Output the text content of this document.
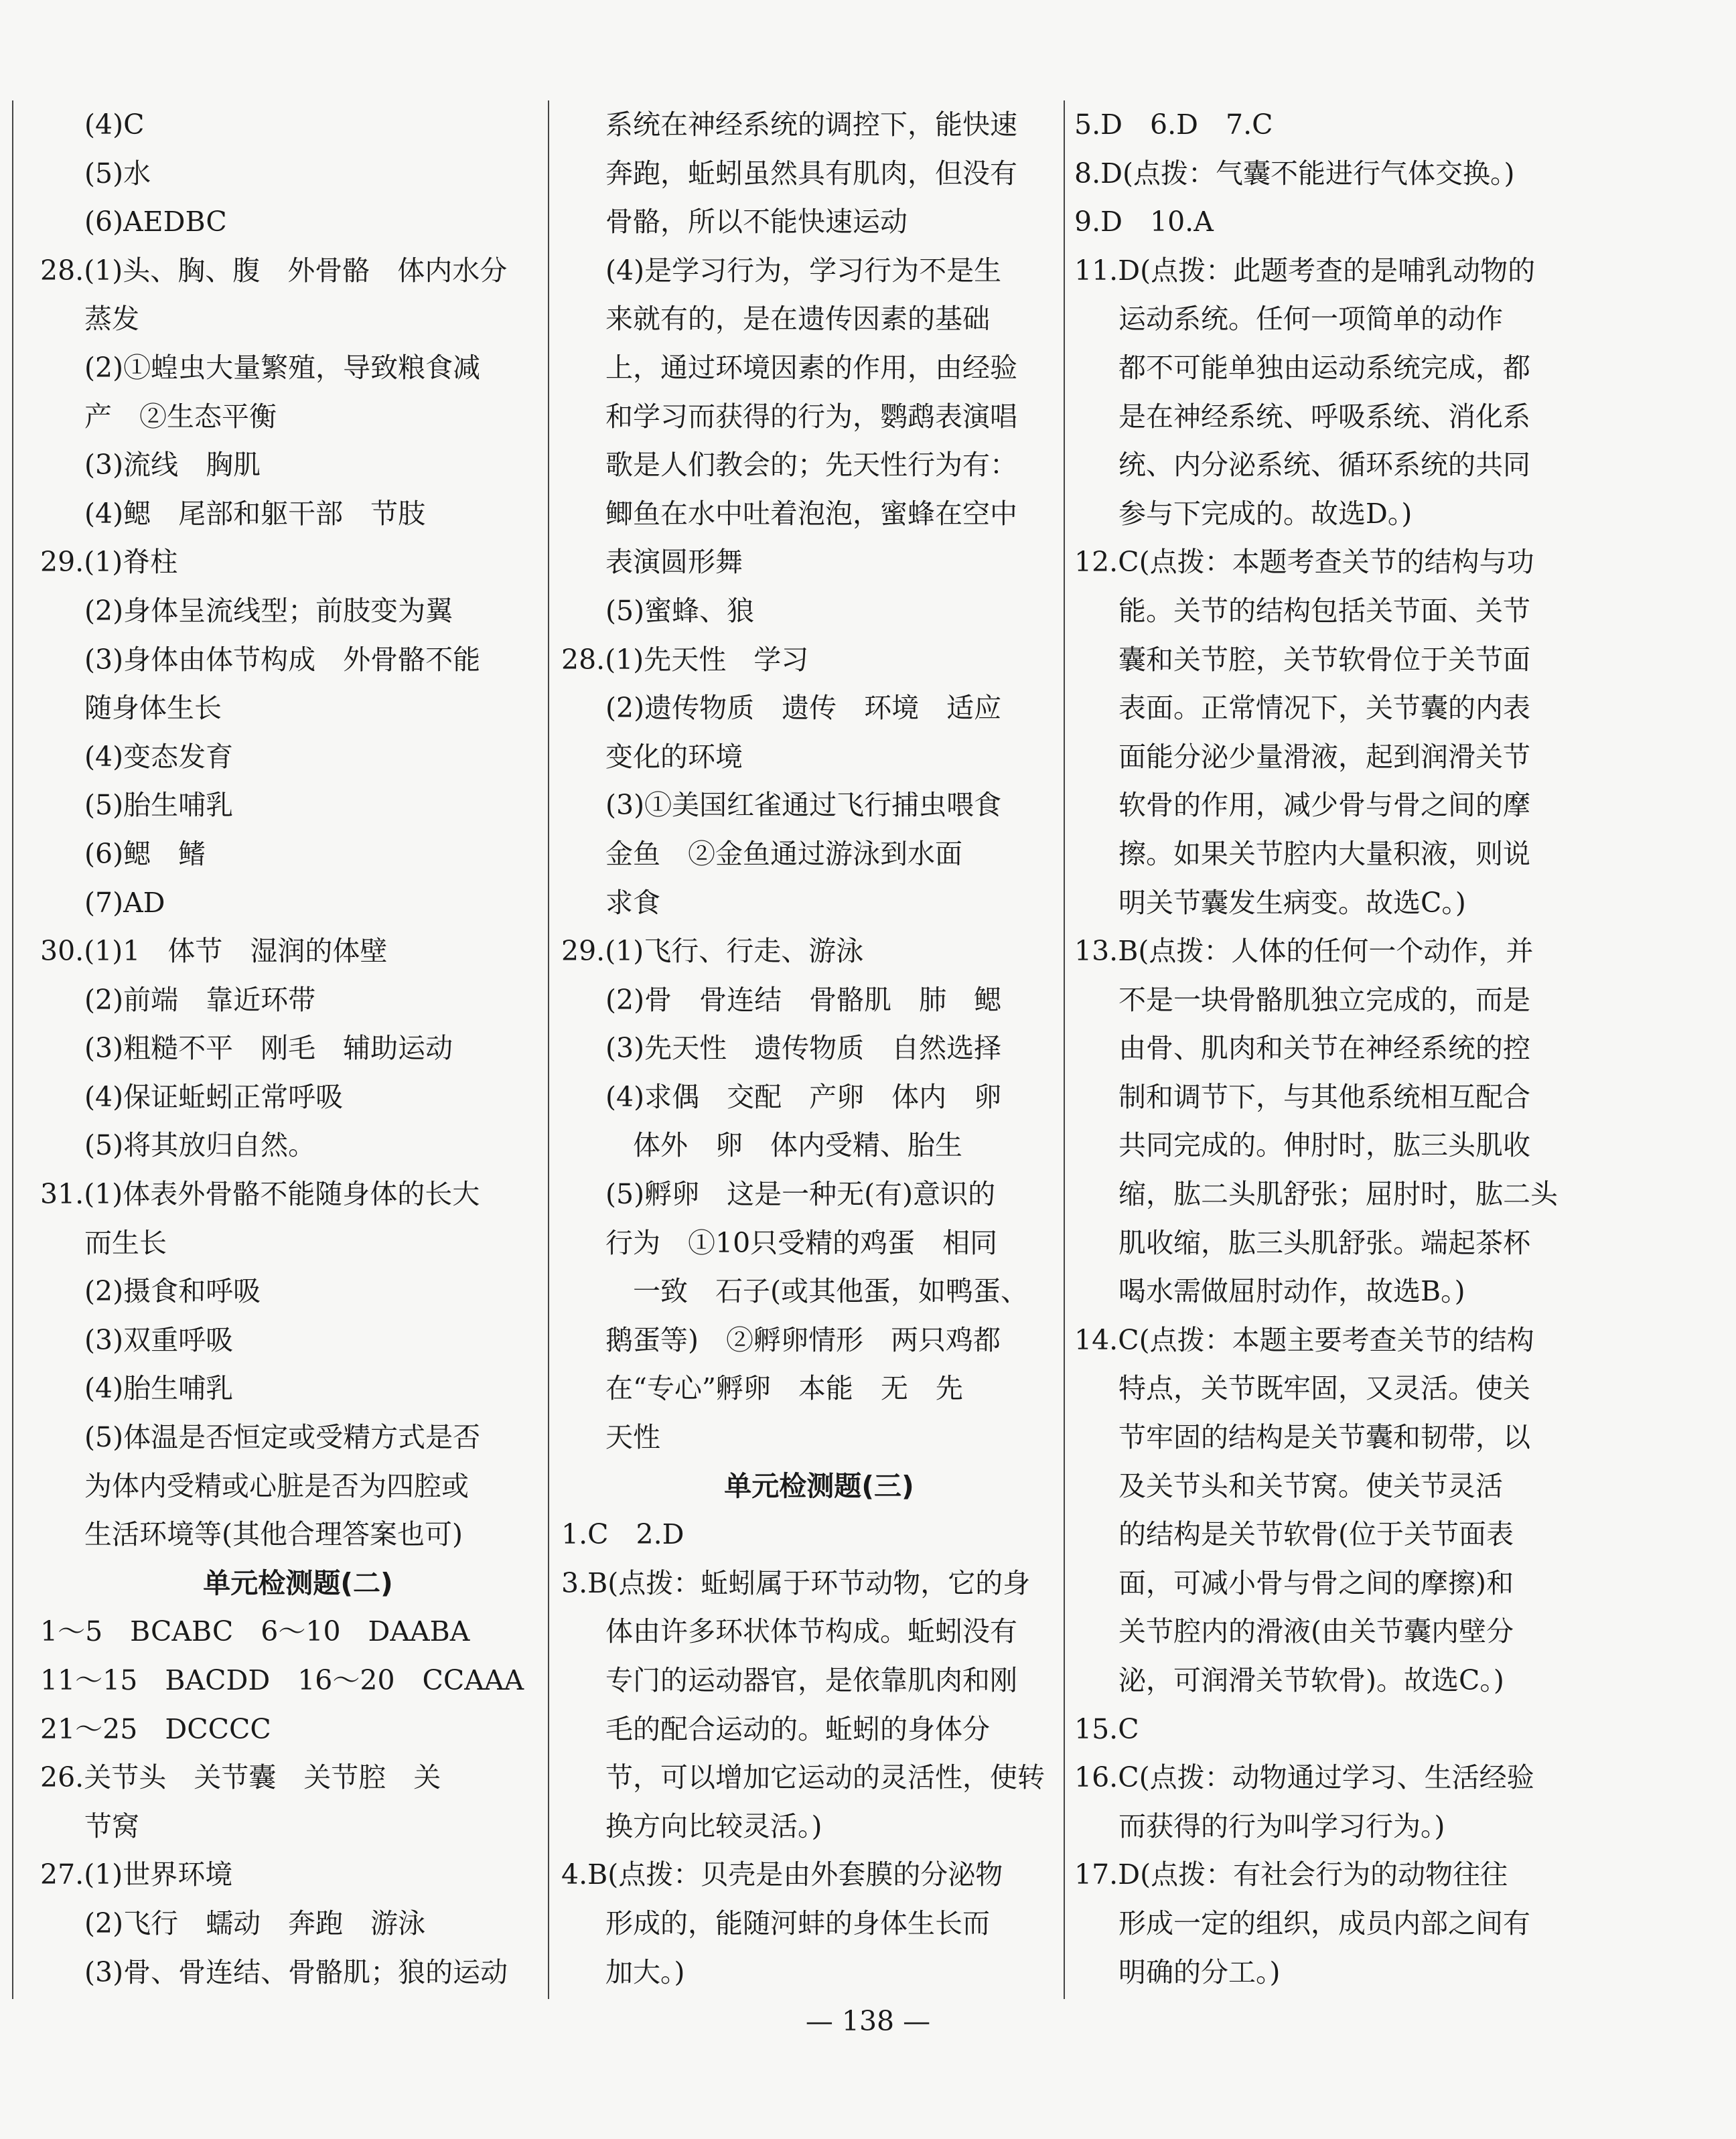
(4)C
(5)水
(6)AEDBC
28.(1)头、胸、腹　外骨骼　体内水分
蒸发
(2)①蝗虫大量繁殖，导致粮食减
产　②生态平衡
(3)流线　胸肌
(4)鳃　尾部和躯干部　节肢
29.(1)脊柱
(2)身体呈流线型；前肢变为翼
(3)身体由体节构成　外骨骼不能
随身体生长
(4)变态发育
(5)胎生哺乳
(6)鳃　鳍
(7)AD
30.(1)1　体节　湿润的体壁
(2)前端　靠近环带
(3)粗糙不平　刚毛　辅助运动
(4)保证蚯蚓正常呼吸
(5)将其放归自然。
31.(1)体表外骨骼不能随身体的长大
而生长
(2)摄食和呼吸
(3)双重呼吸
(4)胎生哺乳
(5)体温是否恒定或受精方式是否
为体内受精或心脏是否为四腔或
生活环境等(其他合理答案也可)
单元检测题(二)
1～5　BCABC　6～10　DAABA
11～15　BACDD　16～20　CCAAA
21～25　DCCCC
26.关节头　关节囊　关节腔　关
节窝
27.(1)世界环境
(2)飞行　蠕动　奔跑　游泳
(3)骨、骨连结、骨骼肌；狼的运动
系统在神经系统的调控下，能快速
奔跑，蚯蚓虽然具有肌肉，但没有
骨骼，所以不能快速运动
(4)是学习行为，学习行为不是生
来就有的，是在遗传因素的基础
上，通过环境因素的作用，由经验
和学习而获得的行为，鹦鹉表演唱
歌是人们教会的；先天性行为有：
鲫鱼在水中吐着泡泡，蜜蜂在空中
表演圆形舞
(5)蜜蜂、狼
28.(1)先天性　学习
(2)遗传物质　遗传　环境　适应
变化的环境
(3)①美国红雀通过飞行捕虫喂食
金鱼　②金鱼通过游泳到水面
求食
29.(1)飞行、行走、游泳
(2)骨　骨连结　骨骼肌　肺　鳃
(3)先天性　遗传物质　自然选择
(4)求偶　交配　产卵　体内　卵
　体外　卵　体内受精、胎生
(5)孵卵　这是一种无(有)意识的
行为　①10只受精的鸡蛋　相同
　一致　石子(或其他蛋，如鸭蛋、
鹅蛋等)　②孵卵情形　两只鸡都
在“专心”孵卵　本能　无　先
天性
单元检测题(三)
1.C　2.D
3.B(点拨：蚯蚓属于环节动物，它的身
体由许多环状体节构成。蚯蚓没有
专门的运动器官，是依靠肌肉和刚
毛的配合运动的。蚯蚓的身体分
节，可以增加它运动的灵活性，使转
换方向比较灵活。)
4.B(点拨：贝壳是由外套膜的分泌物
形成的，能随河蚌的身体生长而
加大。)
5.D　6.D　7.C
8.D(点拨：气囊不能进行气体交换。)
9.D　10.A
11.D(点拨：此题考查的是哺乳动物的
运动系统。任何一项简单的动作
都不可能单独由运动系统完成，都
是在神经系统、呼吸系统、消化系
统、内分泌系统、循环系统的共同
参与下完成的。故选D。)
12.C(点拨：本题考查关节的结构与功
能。关节的结构包括关节面、关节
囊和关节腔，关节软骨位于关节面
表面。正常情况下，关节囊的内表
面能分泌少量滑液，起到润滑关节
软骨的作用，减少骨与骨之间的摩
擦。如果关节腔内大量积液，则说
明关节囊发生病变。故选C。)
13.B(点拨：人体的任何一个动作，并
不是一块骨骼肌独立完成的，而是
由骨、肌肉和关节在神经系统的控
制和调节下，与其他系统相互配合
共同完成的。伸肘时，肱三头肌收
缩，肱二头肌舒张；屈肘时，肱二头
肌收缩，肱三头肌舒张。端起茶杯
喝水需做屈肘动作，故选B。)
14.C(点拨：本题主要考查关节的结构
特点，关节既牢固，又灵活。使关
节牢固的结构是关节囊和韧带，以
及关节头和关节窝。使关节灵活
的结构是关节软骨(位于关节面表
面，可减小骨与骨之间的摩擦)和
关节腔内的滑液(由关节囊内壁分
泌，可润滑关节软骨)。故选C。)
15.C
16.C(点拨：动物通过学习、生活经验
而获得的行为叫学习行为。)
17.D(点拨：有社会行为的动物往往
形成一定的组织，成员内部之间有
明确的分工。)
— 138 —
